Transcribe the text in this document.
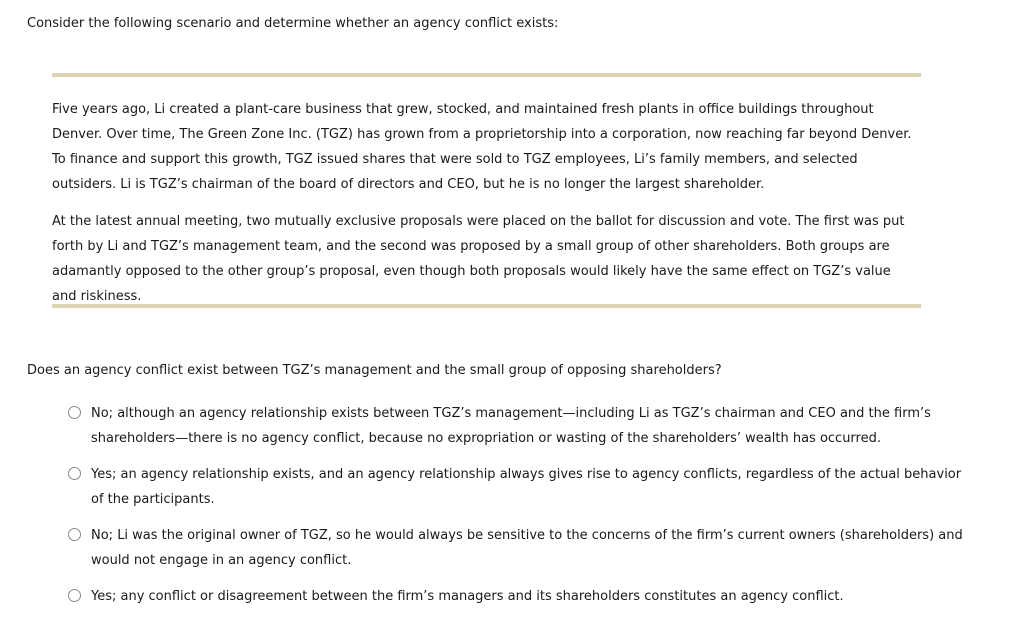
Consider the following scenario and determine whether an agency conflict exists:

Five years ago, Li created a plant-care business that grew, stocked, and maintained fresh plants in office buildings throughout Denver. Over time, The Green Zone Inc. (TGZ) has grown from a proprietorship into a corporation, now reaching far beyond Denver. To finance and support this growth, TGZ issued shares that were sold to TGZ employees, Li’s family members, and selected outsiders. Li is TGZ’s chairman of the board of directors and CEO, but he is no longer the largest shareholder.

At the latest annual meeting, two mutually exclusive proposals were placed on the ballot for discussion and vote. The first was put forth by Li and TGZ’s management team, and the second was proposed by a small group of other shareholders. Both groups are adamantly opposed to the other group’s proposal, even though both proposals would likely have the same effect on TGZ’s value and riskiness.

Does an agency conflict exist between TGZ’s management and the small group of opposing shareholders?

No; although an agency relationship exists between TGZ’s management—including Li as TGZ’s chairman and CEO and the firm’s shareholders—there is no agency conflict, because no expropriation or wasting of the shareholders’ wealth has occurred.
Yes; an agency relationship exists, and an agency relationship always gives rise to agency conflicts, regardless of the actual behavior of the participants.
No; Li was the original owner of TGZ, so he would always be sensitive to the concerns of the firm’s current owners (shareholders) and would not engage in an agency conflict.
Yes; any conflict or disagreement between the firm’s managers and its shareholders constitutes an agency conflict.
